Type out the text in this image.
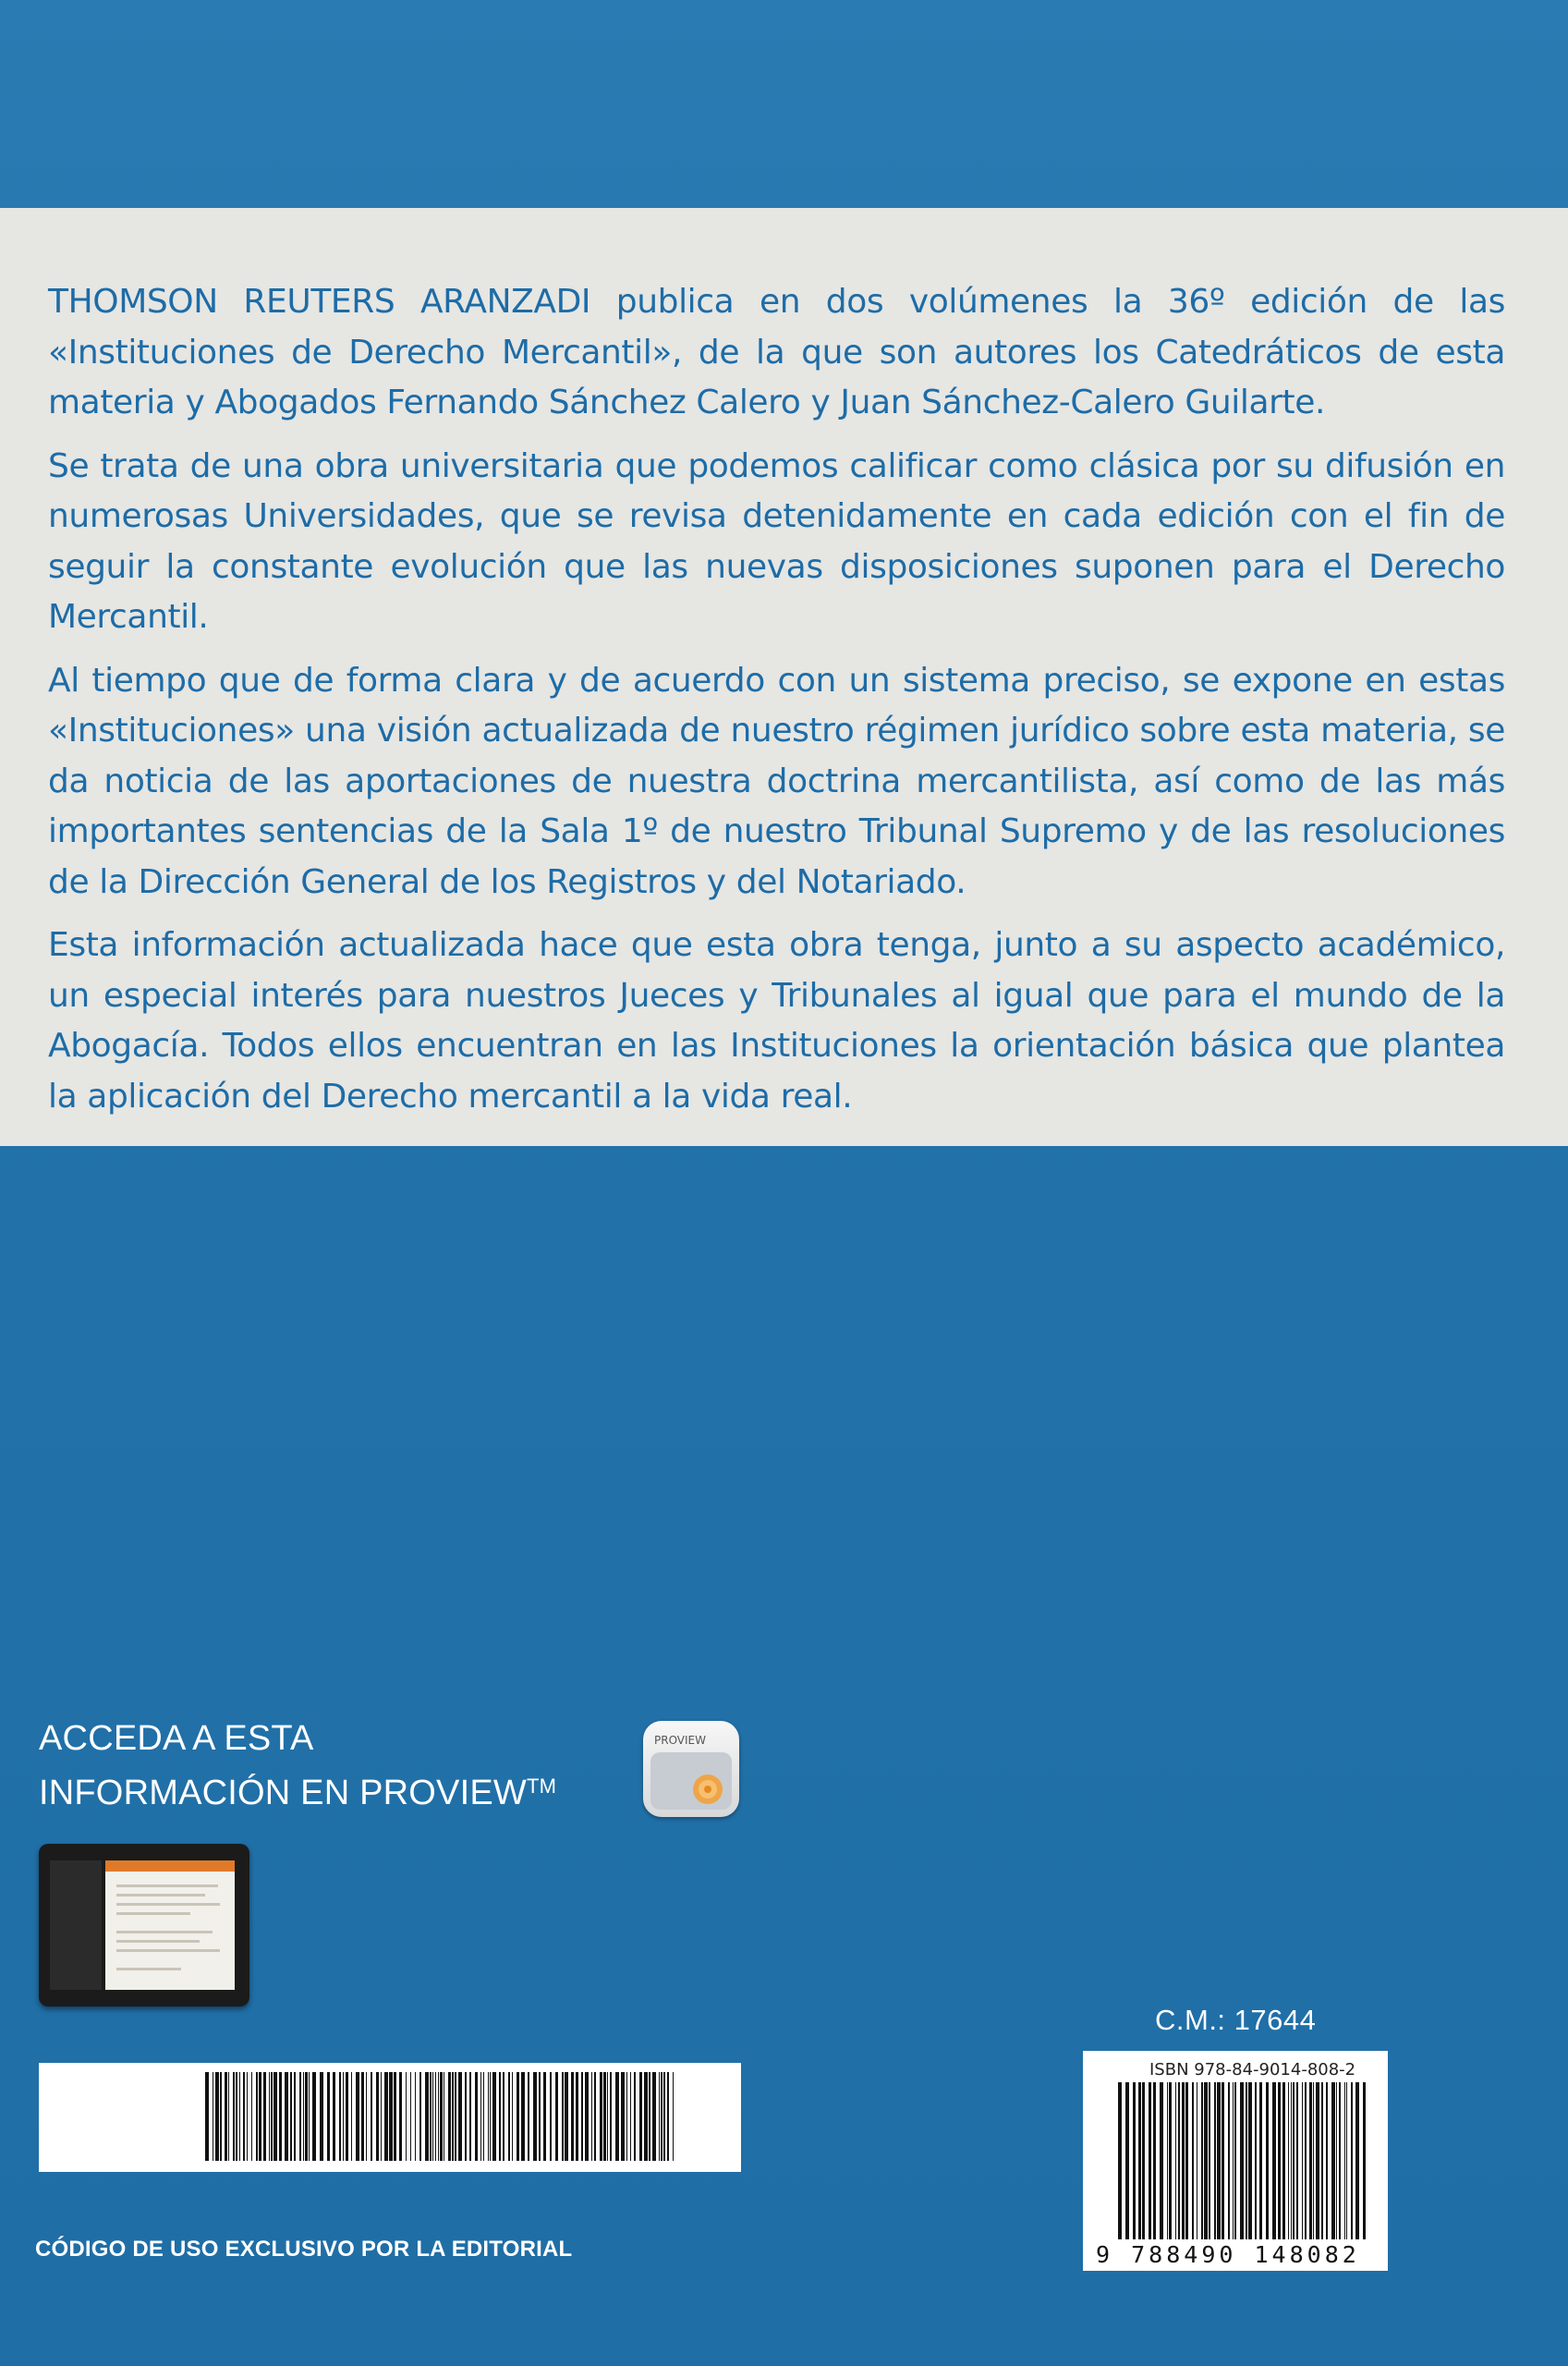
THOMSON REUTERS ARANZADI publica en dos volúmenes la 36º edición de las «Instituciones de Derecho Mercantil», de la que son autores los Catedráticos de esta materia y Abogados Fernando Sánchez Calero y Juan Sánchez-Calero Guilarte.

Se trata de una obra universitaria que podemos calificar como clásica por su difusión en numerosas Universidades, que se revisa detenidamente en cada edición con el fin de seguir la constante evolución que las nuevas disposiciones suponen para el Derecho Mercantil.

Al tiempo que de forma clara y de acuerdo con un sistema preciso, se expone en estas «Instituciones» una visión actualizada de nuestro régimen jurídico sobre esta materia, se da noticia de las aportaciones de nuestra doctrina mercantilista, así como de las más importantes sentencias de la Sala 1º de nuestro Tribunal Supremo y de las resoluciones de la Dirección General de los Registros y del Notariado.

Esta información actualizada hace que esta obra tenga, junto a su aspecto académico, un especial interés para nuestros Jueces y Tribunales al igual que para el mundo de la Abogacía. Todos ellos encuentran en las Instituciones la orientación básica que plantea la aplicación del Derecho mercantil a la vida real.

ACCEDA A ESTA
INFORMACIÓN EN PROVIEW™
PROVIEW
CÓDIGO DE USO EXCLUSIVO POR LA EDITORIAL
C.M.: 17644
ISBN 978-84-9014-808-2
9 788490 148082
